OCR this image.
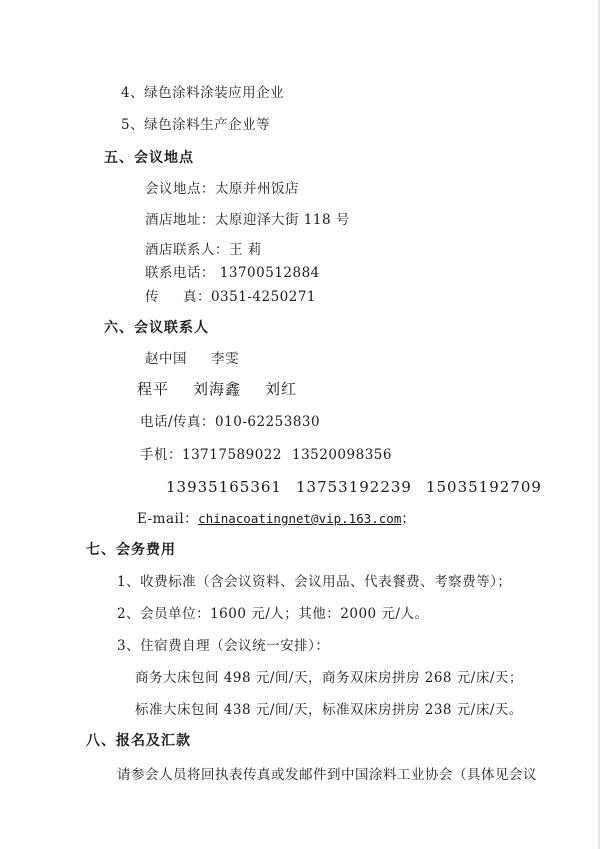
4、绿色涂料涂装应用企业
5、绿色涂料生产企业等
五、会议地点
会议地点：太原并州饭店
酒店地址：太原迎泽大街 118 号
酒店联系人：王 莉
联系电话： 13700512884
传     真：0351-4250271
六、会议联系人
赵中国 李雯
程平 刘海鑫 刘红
电话/传真：010-62253830
手机：13717589022 13520098356
13935165361 13753192239 15035192709
E-mail：chinacoatingnet@vip.163.com；
七、会务费用
1、收费标准（含会议资料、会议用品、代表餐费、考察费等）；
2、会员单位：1600 元/人；其他：2000 元/人。
3、住宿费自理（会议统一安排）：
商务大床包间 498 元/间/天，商务双床房拼房 268 元/床/天；
标准大床包间 438 元/间/天，标准双床房拼房 238 元/床/天。
八、报名及汇款
请参会人员将回执表传真或发邮件到中国涂料工业协会（具体见会议
